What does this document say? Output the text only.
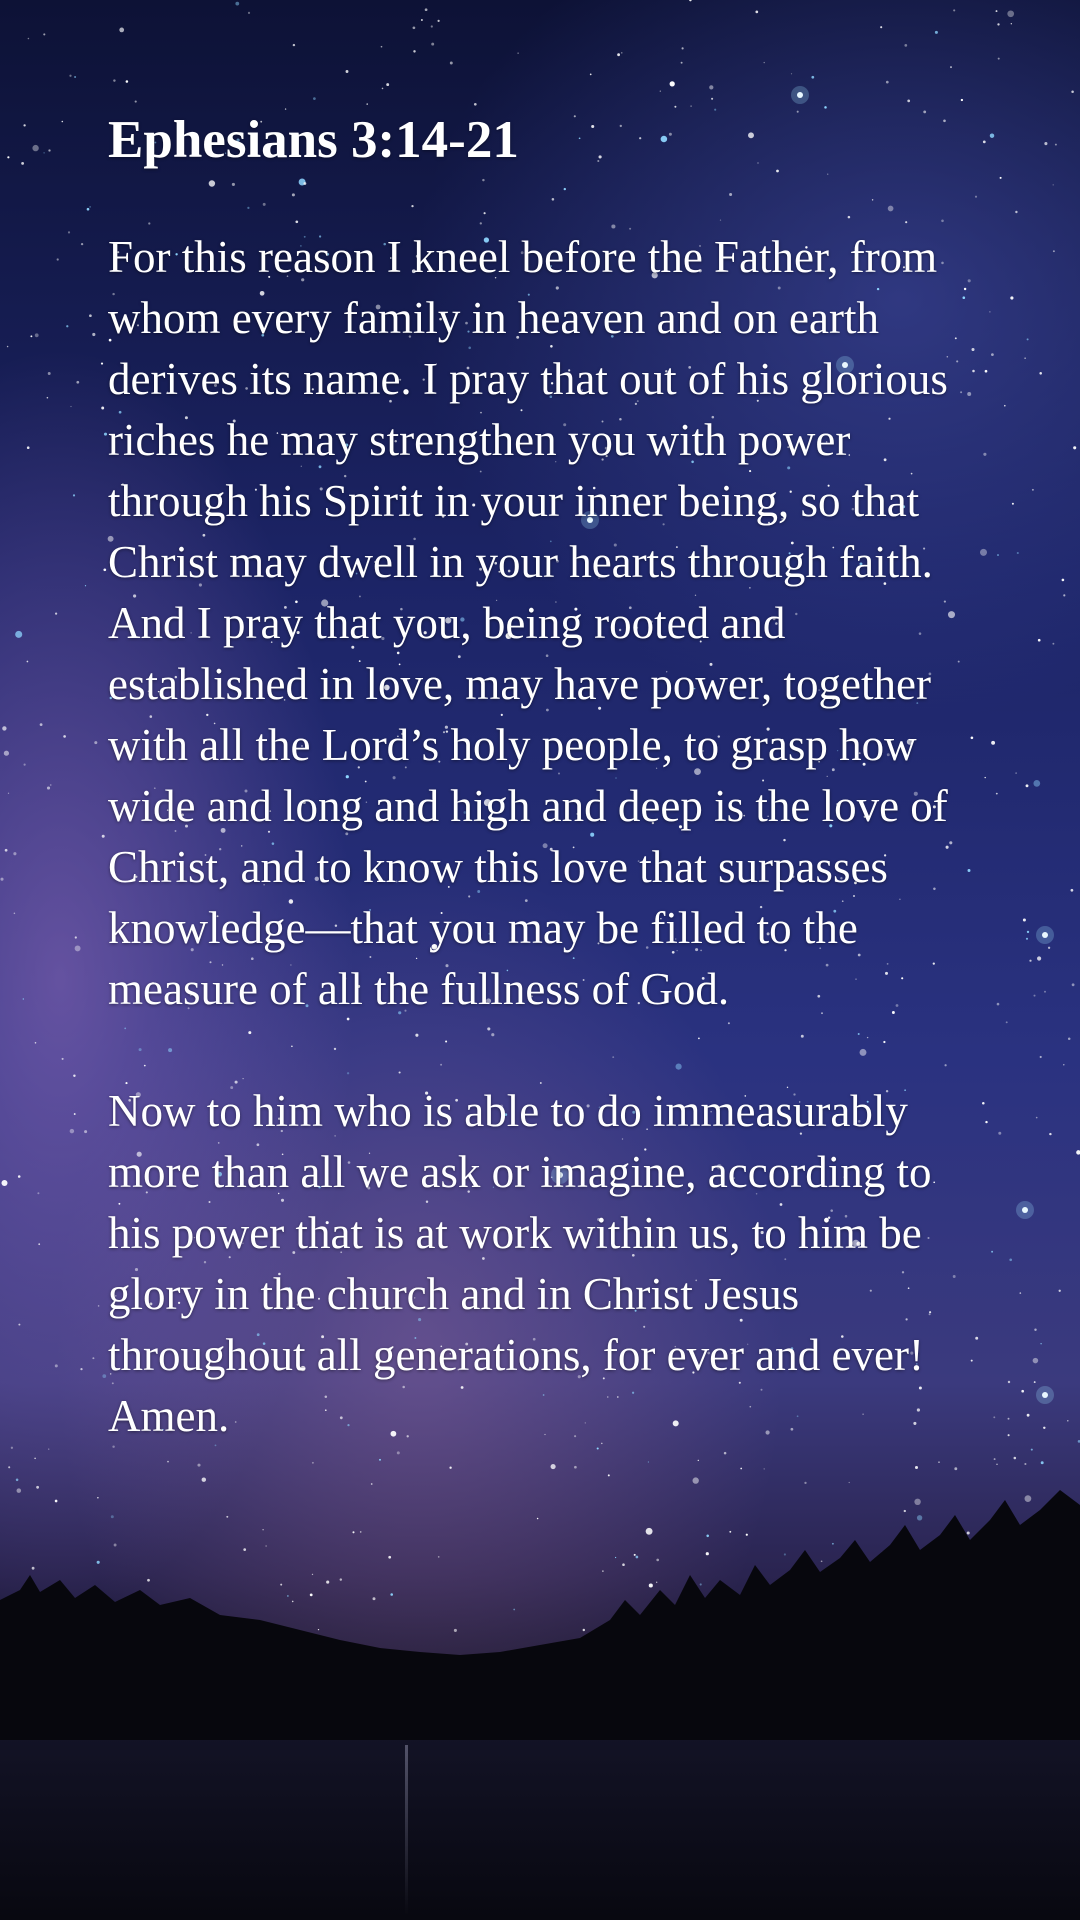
Ephesians 3:14-21

For this reason I kneel before the Father, from whom every family in heaven and on earth derives its name. I pray that out of his glorious riches he may strengthen you with power through his Spirit in your inner being, so that Christ may dwell in your hearts through faith. And I pray that you, being rooted and established in love, may have power, together with all the Lord’s holy people, to grasp how wide and long and high and deep is the love of Christ, and to know this love that surpasses knowledge—that you may be filled to the measure of all the fullness of God.

Now to him who is able to do immeasurably more than all we ask or imagine, according to his power that is at work within us, to him be glory in the church and in Christ Jesus throughout all generations, for ever and ever! Amen.
